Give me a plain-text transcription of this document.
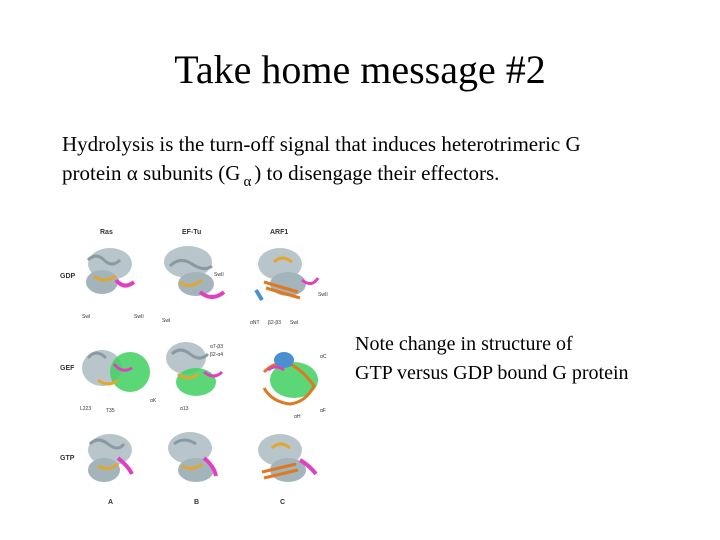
Take home message #2
Hydrolysis is the turn-off signal that induces heterotrimeric G
protein α subunits (G $_\alpha$ ) to disengage their effectors.
Ras	EF-Tu	ARF1
GDP
GEF
GTP
A	B	C
SwI	SwII
SwI
SwII
αNT β2-β3 SwI
SwII
L223	T35
αK
α7-β3
β2-α4
α13
αC
αH
αF
Note change in structure of
GTP versus GDP bound G protein
